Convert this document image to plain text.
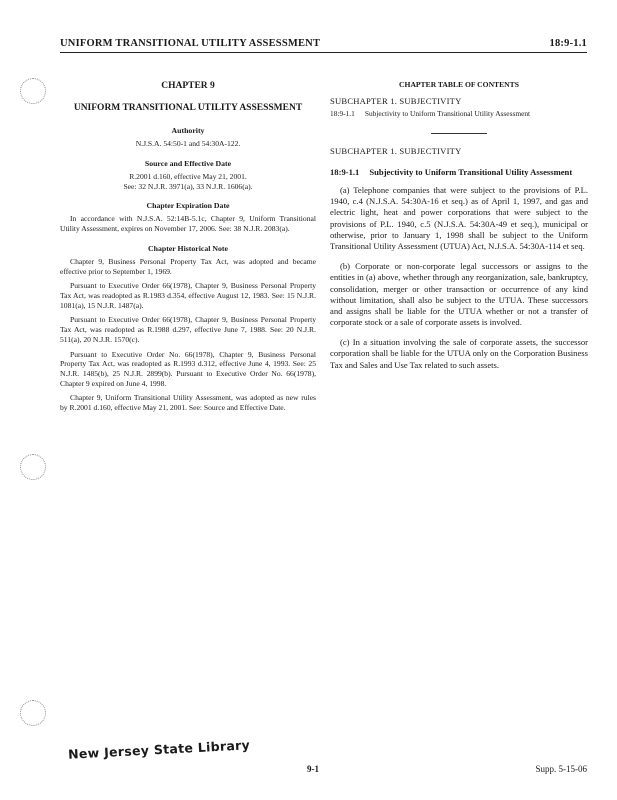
UNIFORM TRANSITIONAL UTILITY ASSESSMENT	18:9-1.1

CHAPTER 9

UNIFORM TRANSITIONAL UTILITY ASSESSMENT

Authority

N.J.S.A. 54:50-1 and 54:30A-122.

Source and Effective Date

R.2001 d.160, effective May 21, 2001.

See: 32 N.J.R. 3971(a), 33 N.J.R. 1606(a).

Chapter Expiration Date

In accordance with N.J.S.A. 52:14B-5.1c, Chapter 9, Uniform Transitional Utility Assessment, expires on November 17, 2006. See: 38 N.J.R. 2083(a).

Chapter Historical Note

Chapter 9, Business Personal Property Tax Act, was adopted and became effective prior to September 1, 1969.

Pursuant to Executive Order 66(1978), Chapter 9, Business Personal Property Tax Act, was readopted as R.1983 d.354, effective August 12, 1983. See: 15 N.J.R. 1081(a), 15 N.J.R. 1487(a).

Pursuant to Executive Order 66(1978), Chapter 9, Business Personal Property Tax Act, was readopted as R.1988 d.297, effective June 7, 1988. See: 20 N.J.R. 511(a), 20 N.J.R. 1570(c).

Pursuant to Executive Order No. 66(1978), Chapter 9, Business Personal Property Tax Act, was readopted as R.1993 d.312, effective June 4, 1993. See: 25 N.J.R. 1485(b), 25 N.J.R. 2899(b). Pursuant to Executive Order No. 66(1978), Chapter 9 expired on June 4, 1998.

Chapter 9, Uniform Transitional Utility Assessment, was adopted as new rules by R.2001 d.160, effective May 21, 2001. See: Source and Effective Date.

CHAPTER TABLE OF CONTENTS

SUBCHAPTER 1. SUBJECTIVITY

18:9-1.1 Subjectivity to Uniform Transitional Utility Assessment

SUBCHAPTER 1. SUBJECTIVITY

18:9-1.1 Subjectivity to Uniform Transitional Utility Assessment

(a) Telephone companies that were subject to the provisions of P.L. 1940, c.4 (N.J.S.A. 54:30A-16 et seq.) as of April 1, 1997, and gas and electric light, heat and power corporations that were subject to the provisions of P.L. 1940, c.5 (N.J.S.A. 54:30A-49 et seq.), municipal or otherwise, prior to January 1, 1998 shall be subject to the Uniform Transitional Utility Assessment (UTUA) Act, N.J.S.A. 54:30A-114 et seq.

(b) Corporate or non-corporate legal successors or assigns to the entities in (a) above, whether through any reorganization, sale, bankruptcy, consolidation, merger or other transaction or occurrence of any kind without limitation, shall also be subject to the UTUA. These successors and assigns shall be liable for the UTUA whether or not a transfer of corporate stock or a sale of corporate assets is involved.

(c) In a situation involving the sale of corporate assets, the successor corporation shall be liable for the UTUA only on the Corporation Business Tax and Sales and Use Tax related to such assets.

New Jersey State Library
9-1	Supp. 5-15-06
